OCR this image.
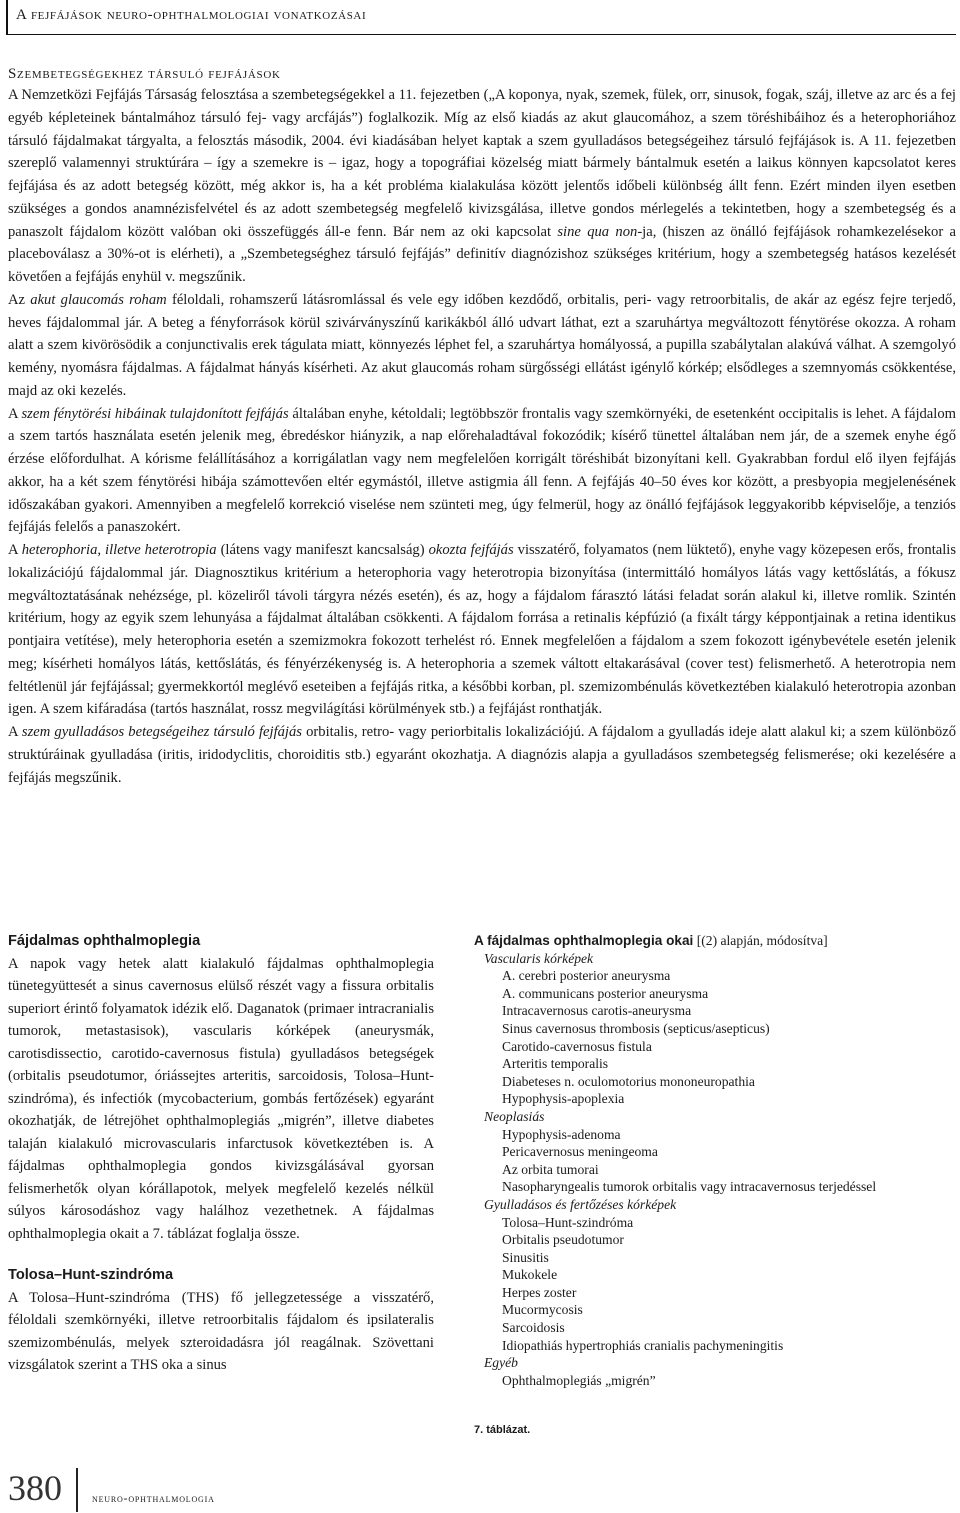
A fejfájások neuro-ophthalmologiai vonatkozásai
Szembetegségekhez társuló fejfájások

A Nemzetközi Fejfájás Társaság felosztása a szembetegségekkel a 11. fejezetben („A koponya, nyak, szemek, fülek, orr, sinusok, fogak, száj, illetve az arc és a fej egyéb képleteinek bántalmához társuló fej- vagy arcfájás”) foglalkozik. Míg az első kiadás az akut glaucomához, a szem töréshibáihoz és a heterophoriához társuló fájdalmakat tárgyalta, a felosztás második, 2004. évi kiadásában helyet kaptak a szem gyulladásos betegségeihez társuló fejfájások is. A 11. fejezetben szereplő valamennyi struktúrára – így a szemekre is – igaz, hogy a topográfiai közelség miatt bármely bántalmuk esetén a laikus könnyen kapcsolatot keres fejfájása és az adott betegség között, még akkor is, ha a két probléma kialakulása között jelentős időbeli különbség állt fenn. Ezért minden ilyen esetben szükséges a gondos anamnézisfelvétel és az adott szembetegség megfelelő kivizsgálása, illetve gondos mérlegelés a tekintetben, hogy a szembetegség és a panaszolt fájdalom között valóban oki összefüggés áll-e fenn. Bár nem az oki kapcsolat sine qua non-ja, (hiszen az önálló fejfájások rohamkezelésekor a placeboválasz a 30%-ot is elérheti), a „Szembetegséghez társuló fejfájás” definitív diagnózishoz szükséges kritérium, hogy a szembetegség hatásos kezelését követően a fejfájás enyhül v. megszűnik.

Az akut glaucomás roham féloldali, rohamszerű látásromlással és vele egy időben kezdődő, orbitalis, peri- vagy retroorbitalis, de akár az egész fejre terjedő, heves fájdalommal jár. A beteg a fényforrások körül szivárványszínű karikákból álló udvart láthat, ezt a szaruhártya megváltozott fénytörése okozza. A roham alatt a szem kivörösödik a conjunctivalis erek tágulata miatt, könnyezés léphet fel, a szaruhártya homályossá, a pupilla szabálytalan alakúvá válhat. A szemgolyó kemény, nyomásra fájdalmas. A fájdalmat hányás kísérheti. Az akut glaucomás roham sürgősségi ellátást igénylő kórkép; elsődleges a szemnyomás csökkentése, majd az oki kezelés.

A szem fénytörési hibáinak tulajdonított fejfájás általában enyhe, kétoldali; legtöbbször frontalis vagy szemkörnyéki, de esetenként occipitalis is lehet. A fájdalom a szem tartós használata esetén jelenik meg, ébredéskor hiányzik, a nap előrehaladtával fokozódik; kísérő tünettel általában nem jár, de a szemek enyhe égő érzése előfordulhat. A kórisme felállításához a korrigálatlan vagy nem megfelelően korrigált töréshibát bizonyítani kell. Gyakrabban fordul elő ilyen fejfájás akkor, ha a két szem fénytörési hibája számottevően eltér egymástól, illetve astigmia áll fenn. A fejfájás 40–50 éves kor között, a presbyopia megjelenésének időszakában gyakori. Amennyiben a megfelelő korrekció viselése nem szünteti meg, úgy felmerül, hogy az önálló fejfájások leggyakoribb képviselője, a tenziós fejfájás felelős a panaszokért.

A heterophoria, illetve heterotropia (látens vagy manifeszt kancsalság) okozta fejfájás visszatérő, folyamatos (nem lüktető), enyhe vagy közepesen erős, frontalis lokalizációjú fájdalommal jár. Diagnosztikus kritérium a heterophoria vagy heterotropia bizonyítása (intermittáló homályos látás vagy kettőslátás, a fókusz megváltoztatásának nehézsége, pl. közeliről távoli tárgyra nézés esetén), és az, hogy a fájdalom fárasztó látási feladat során alakul ki, illetve romlik. Szintén kritérium, hogy az egyik szem lehunyása a fájdalmat általában csökkenti. A fájdalom forrása a retinalis képfúzió (a fixált tárgy képpontjainak a retina identikus pontjaira vetítése), mely heterophoria esetén a szemizmokra fokozott terhelést ró. Ennek megfelelően a fájdalom a szem fokozott igénybevétele esetén jelenik meg; kísérheti homályos látás, kettőslátás, és fényérzékenység is. A heterophoria a szemek váltott eltakarásával (cover test) felismerhető. A heterotropia nem feltétlenül jár fejfájással; gyermekkortól meglévő eseteiben a fejfájás ritka, a későbbi korban, pl. szemizombénulás következtében kialakuló heterotropia azonban igen. A szem kifáradása (tartós használat, rossz megvilágítási körülmények stb.) a fejfájást ronthatják.

A szem gyulladásos betegségeihez társuló fejfájás orbitalis, retro- vagy periorbitalis lokalizációjú. A fájdalom a gyulladás ideje alatt alakul ki; a szem különböző struktúráinak gyulladása (iritis, iridodyclitis, choroiditis stb.) egyaránt okozhatja. A diagnózis alapja a gyulladásos szembetegség felismerése; oki kezelésére a fejfájás megszűnik.

Fájdalmas ophthalmoplegia

A napok vagy hetek alatt kialakuló fájdalmas ophthalmoplegia tünetegyüttesét a sinus cavernosus elülső részét vagy a fissura orbitalis superiort érintő folyamatok idézik elő. Daganatok (primaer intracranialis tumorok, metastasisok), vascularis kórképek (aneurysmák, carotisdissectio, carotido-cavernosus fistula) gyulladásos betegségek (orbitalis pseudotumor, óriássejtes arteritis, sarcoidosis, Tolosa–Hunt-szindróma), és infectiók (mycobacterium, gombás fertőzések) egyaránt okozhatják, de létrejöhet ophthalmoplegiás „migrén”, illetve diabetes talaján kialakuló microvascularis infarctusok következtében is. A fájdalmas ophthalmoplegia gondos kivizsgálásával gyorsan felismerhetők olyan kórállapotok, melyek megfelelő kezelés nélkül súlyos károsodáshoz vagy halálhoz vezethetnek. A fájdalmas ophthalmoplegia okait a 7. táblázat foglalja össze.

Tolosa–Hunt-szindróma

A Tolosa–Hunt-szindróma (THS) fő jellegzetessége a visszatérő, féloldali szemkörnyéki, illetve retroorbitalis fájdalom és ipsilateralis szemizombénulás, melyek szteroidadásra jól reagálnak. Szövettani vizsgálatok szerint a THS oka a sinus

A fájdalmas ophthalmoplegia okai [(2) alapján, módosítva]
Vascularis kórképek
A. cerebri posterior aneurysma
A. communicans posterior aneurysma
Intracavernosus carotis-aneurysma
Sinus cavernosus thrombosis (septicus/asepticus)
Carotido-cavernosus fistula
Arteritis temporalis
Diabeteses n. oculomotorius mononeuropathia
Hypophysis-apoplexia
Neoplasiás
Hypophysis-adenoma
Pericavernosus meningeoma
Az orbita tumorai
Nasopharyngealis tumorok orbitalis vagy intracavernosus terjedéssel
Gyulladásos és fertőzéses kórképek
Tolosa–Hunt-szindróma
Orbitalis pseudotumor
Sinusitis
Mukokele
Herpes zoster
Mucormycosis
Sarcoidosis
Idiopathiás hypertrophiás cranialis pachymeningitis
Egyéb
Ophthalmoplegiás „migrén”
7. táblázat.
380	neuro-ophthalmologia
